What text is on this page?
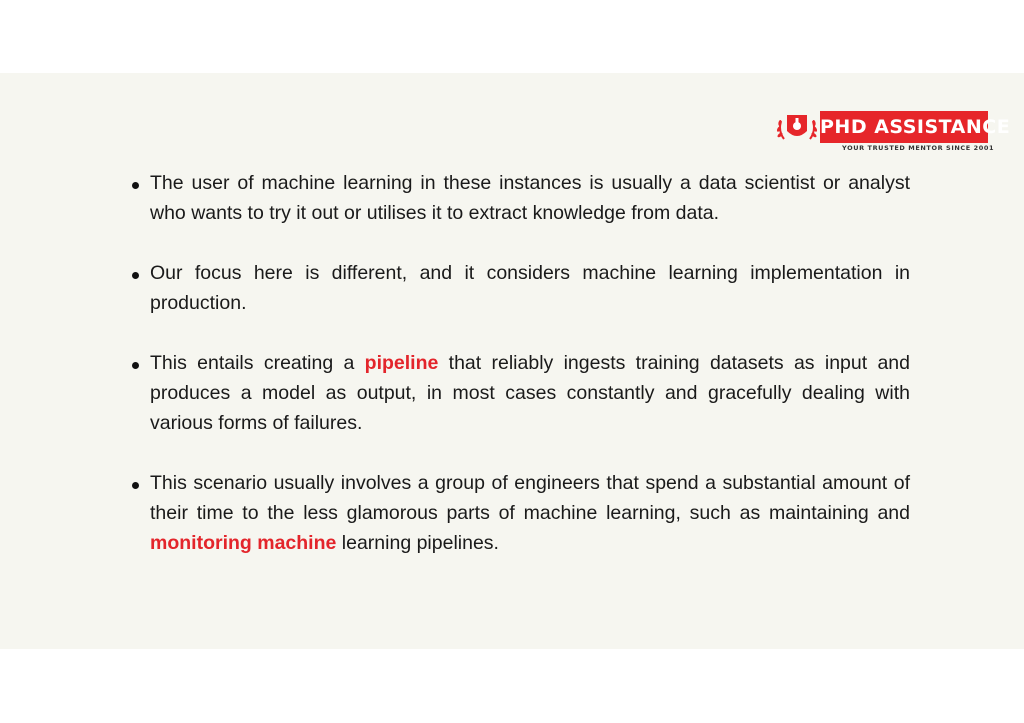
PHD ASSISTANCE
YOUR TRUSTED MENTOR SINCE 2001
The user of machine learning in these instances is usually a data scientist or analyst who wants to try it out or utilises it to extract knowledge from data.
Our focus here is different, and it considers machine learning implementation in production.
This entails creating a pipeline that reliably ingests training datasets as input and produces a model as output, in most cases constantly and gracefully dealing with various forms of failures.
This scenario usually involves a group of engineers that spend a substantial amount of their time to the less glamorous parts of machine learning, such as maintaining and monitoring machine learning pipelines.
